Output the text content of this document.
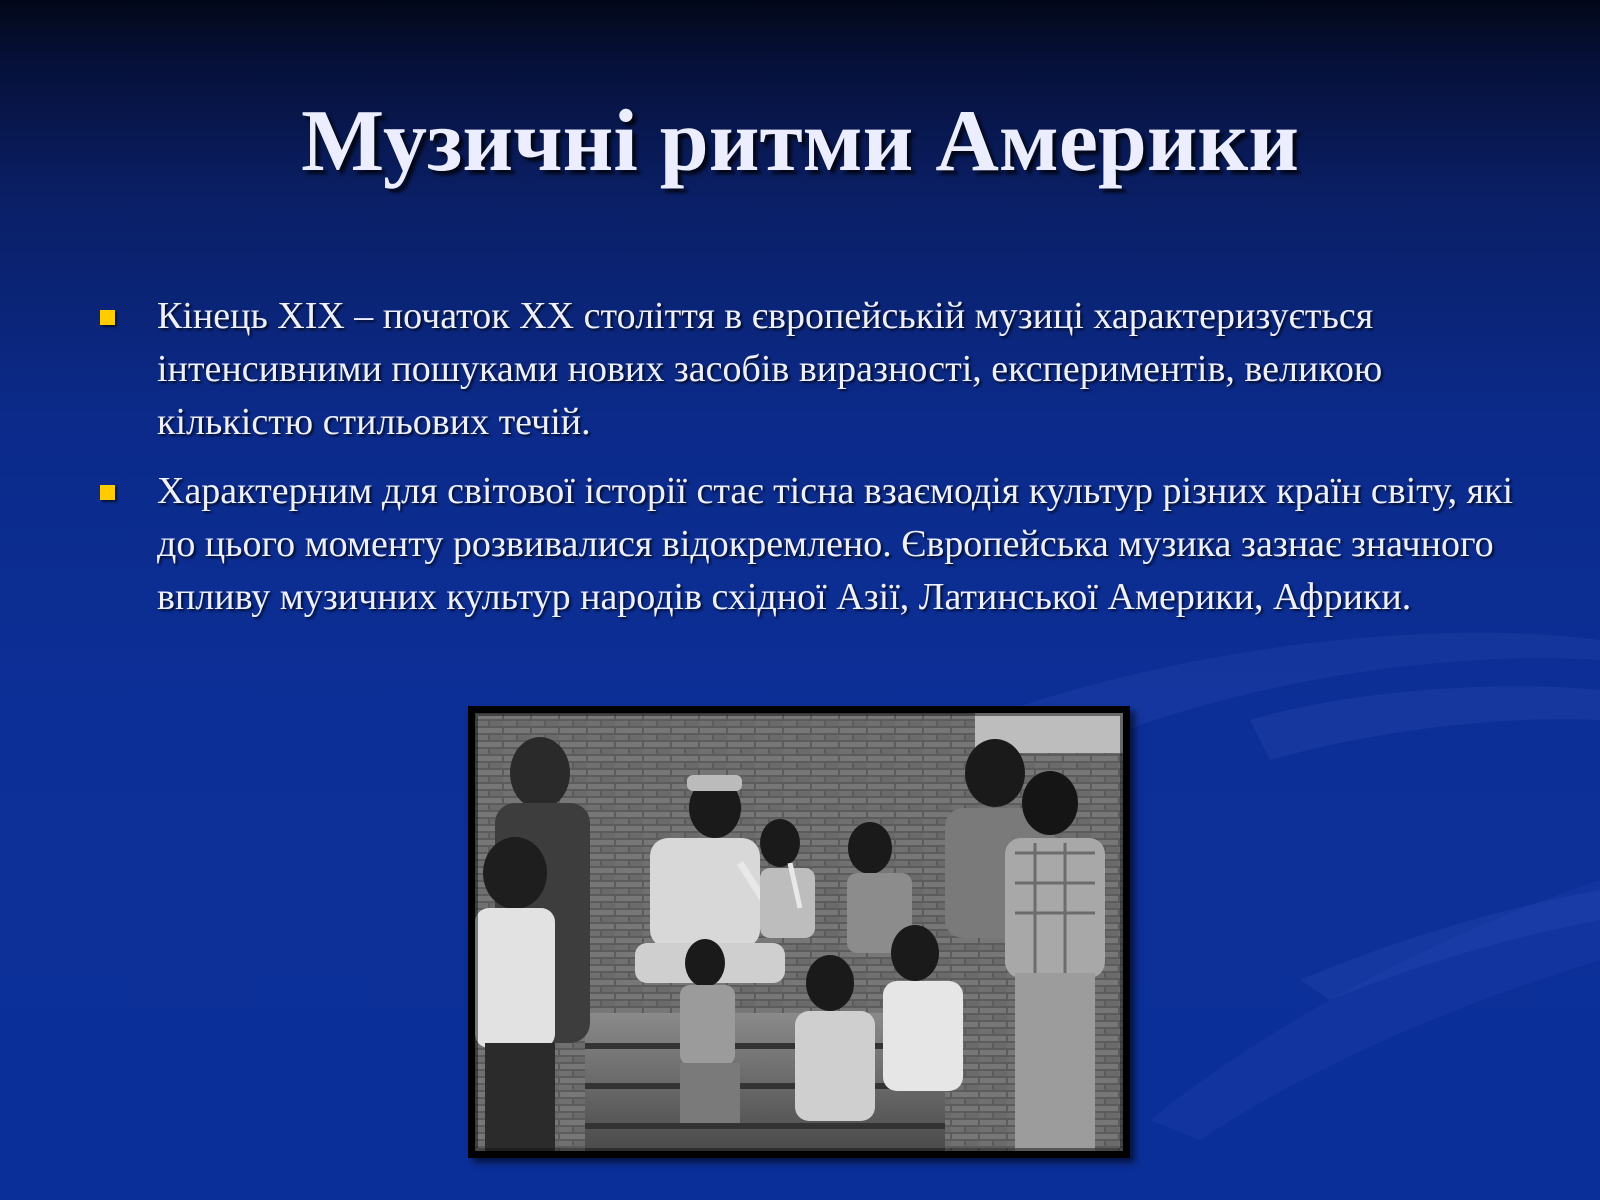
Музичні ритми Америки
Кінець XIX – початок XX століття в європейській музиці характеризується інтенсивними пошуками нових засобів виразності, експериментів, великою кількістю стильових течій.
Характерним для світової історії стає тісна взаємодія культур різних країн світу, які до цього моменту розвивалися відокремлено. Європейська музика зазнає значного впливу музичних культур народів східної Азії, Латинської Америки, Африки.
